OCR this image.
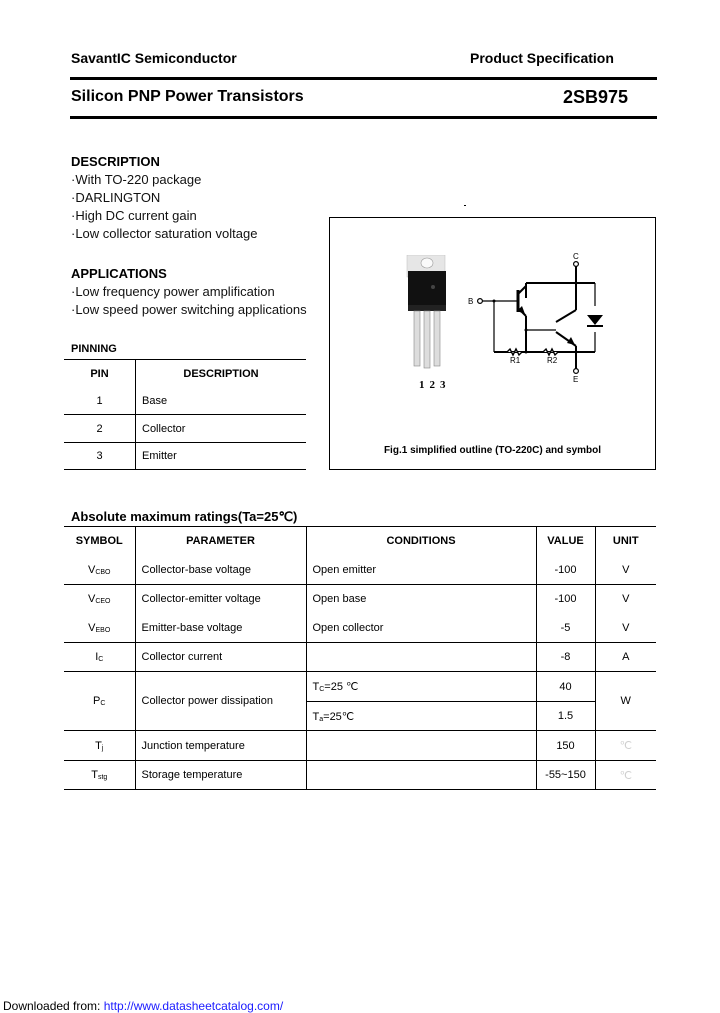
SavantIC Semiconductor	Product Specification
Silicon PNP Power Transistors	2SB975
DESCRIPTION
·With TO-220 package
·DARLINGTON
·High DC current gain
·Low collector saturation voltage
APPLICATIONS
·Low frequency power amplification
·Low speed power switching applications
PINNING
PIN	DESCRIPTION
1	Base
2	Collector
3	Emitter
123
C
B
E
R1	R2
Fig.1 simplified outline (TO-220C) and symbol
Absolute maximum ratings(Ta=25℃)
SYMBOL	PARAMETER	CONDITIONS	VALUE	UNIT
$V_{CBO}$	Collector-base voltage	Open emitter	-100	V
$V_{CEO}$	Collector-emitter voltage	Open base	-100	V
$V_{EBO}$	Emitter-base voltage	Open collector	-5	V
$I_C$	Collector current		-8	A
$P_C$	Collector power dissipation	$T_C=25$ ℃	40	W
		$T_a=25℃$	1.5	
$T_j$	Junction temperature		150	℃
$T_{stg}$	Storage temperature		-55~150	℃
Downloaded from: http://www.datasheetcatalog.com/
